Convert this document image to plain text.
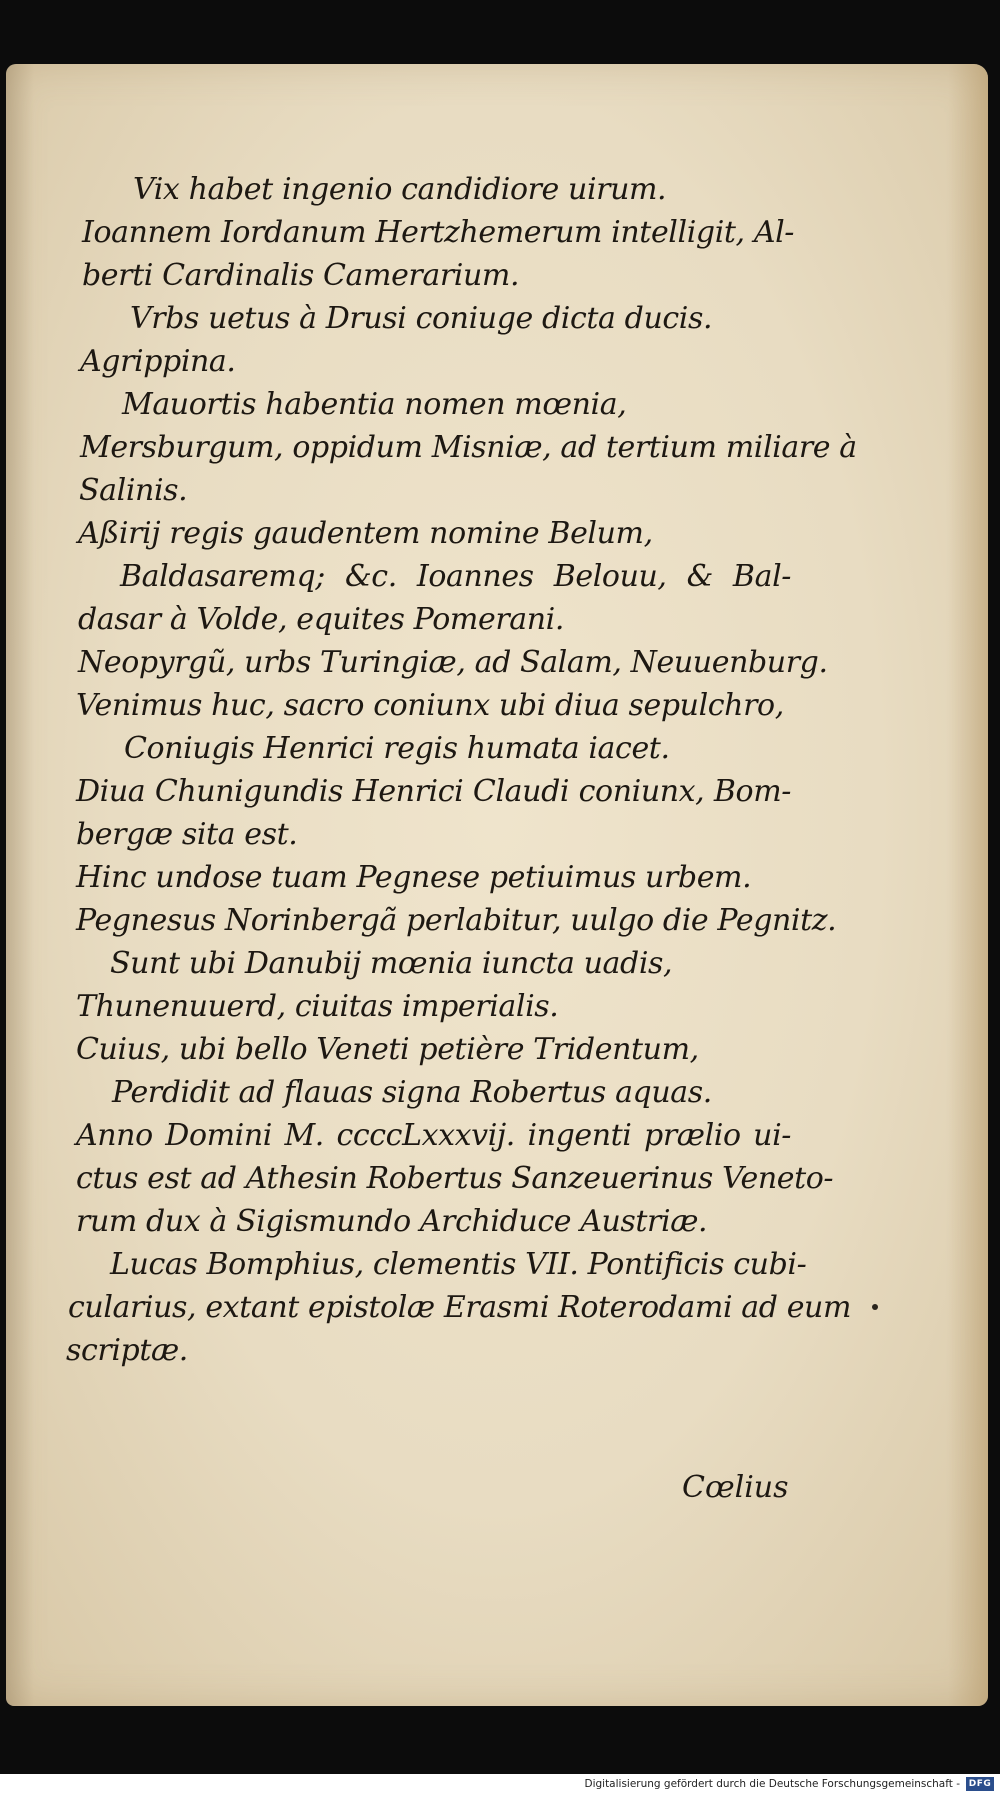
Vix habet ingenio candidiore uirum.
Ioannem Iordanum Hertzhemerum intelligit, Al-
berti Cardinalis Camerarium.
Vrbs uetus à Drusi coniuge dicta ducis.
Agrippina.
Mauortis habentia nomen mœnia,
Mersburgum, oppidum Misniæ, ad tertium miliare à
Salinis.
Aßirij regis gaudentem nomine Belum,
Baldasaremq; &c. Ioannes Belouu, & Bal-
dasar à Volde, equites Pomerani.
Neopyrgũ, urbs Turingiæ, ad Salam, Neuuenburg.
Venimus huc, sacro coniunx ubi diua sepulchro,
Coniugis Henrici regis humata iacet.
Diua Chunigundis Henrici Claudi coniunx, Bom-
bergæ sita est.
Hinc undose tuam Pegnese petiuimus urbem.
Pegnesus Norinbergã perlabitur, uulgo die Pegnitz.
Sunt ubi Danubij mœnia iuncta uadis,
Thunenuuerd, ciuitas imperialis.
Cuius, ubi bello Veneti petière Tridentum,
Perdidit ad flauas signa Robertus aquas.
Anno Domini M. ccccLxxxvij. ingenti prælio ui-
ctus est ad Athesin Robertus Sanzeuerinus Veneto-
rum dux à Sigismundo Archiduce Austriæ.
Lucas Bomphius, clementis VII. Pontificis cubi-
cularius, extant epistolæ Erasmi Roterodami ad eum
scriptæ.
Cœlius
Digitalisierung gefördert durch die Deutsche Forschungsgemeinschaft - DFG
